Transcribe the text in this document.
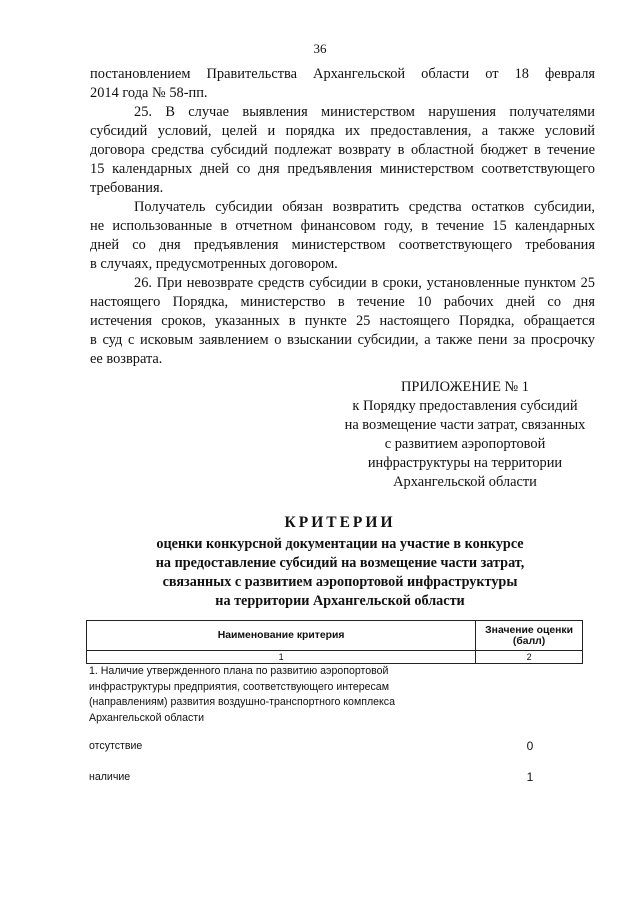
36
постановлением Правительства Архангельской области от 18 февраля
2014 года № 58-пп.
25. В случае выявления министерством нарушения получателями
субсидий условий, целей и порядка их предоставления, а также условий
договора средства субсидий подлежат возврату в областной бюджет в течение
15 календарных дней со дня предъявления министерством соответствующего
требования.
Получатель субсидии обязан возвратить средства остатков субсидии,
не использованные в отчетном финансовом году, в течение 15 календарных
дней со дня предъявления министерством соответствующего требования
в случаях, предусмотренных договором.
26. При невозврате средств субсидии в сроки, установленные пунктом 25
настоящего Порядка, министерство в течение 10 рабочих дней со дня
истечения сроков, указанных в пункте 25 настоящего Порядка, обращается
в суд с исковым заявлением о взыскании субсидии, а также пени за просрочку
ее возврата.
ПРИЛОЖЕНИЕ № 1
к Порядку предоставления субсидий
на возмещение части затрат, связанных
с развитием аэропортовой
инфраструктуры на территории
Архангельской области
КРИТЕРИИ
оценки конкурсной документации на участие в конкурсе
на предоставление субсидий на возмещение части затрат,
связанных с развитием аэропортовой инфраструктуры
на территории Архангельской области
Наименование критерия	Значение оценки
(балл)

1	2
1. Наличие утвержденного плана по развитию аэропортовой
инфраструктуры предприятия, соответствующего интересам
(направлениям) развития воздушно-транспортного комплекса
Архангельской области
отсутствие	0
наличие	1
